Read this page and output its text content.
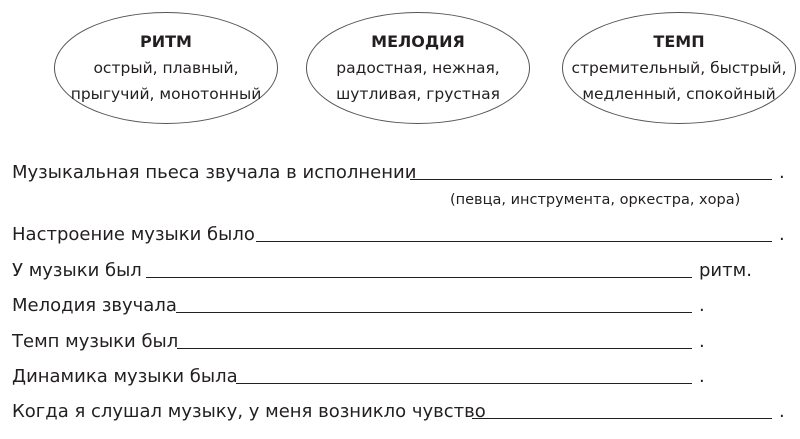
РИТМ
острый, плавный,
прыгучий, монотонный
МЕЛОДИЯ
радостная, нежная,
шутливая, грустная
ТЕМП
стремительный, быстрый,
медленный, спокойный
Музыкальная пьеса звучала в исполнении	.
(певца, инструмента, оркестра, хора)
Настроение музыки было	.
У музыки был	ритм.
Мелодия звучала	.
Темп музыки был	.
Динамика музыки была	.
Когда я слушал музыку, у меня возникло чувство	.
